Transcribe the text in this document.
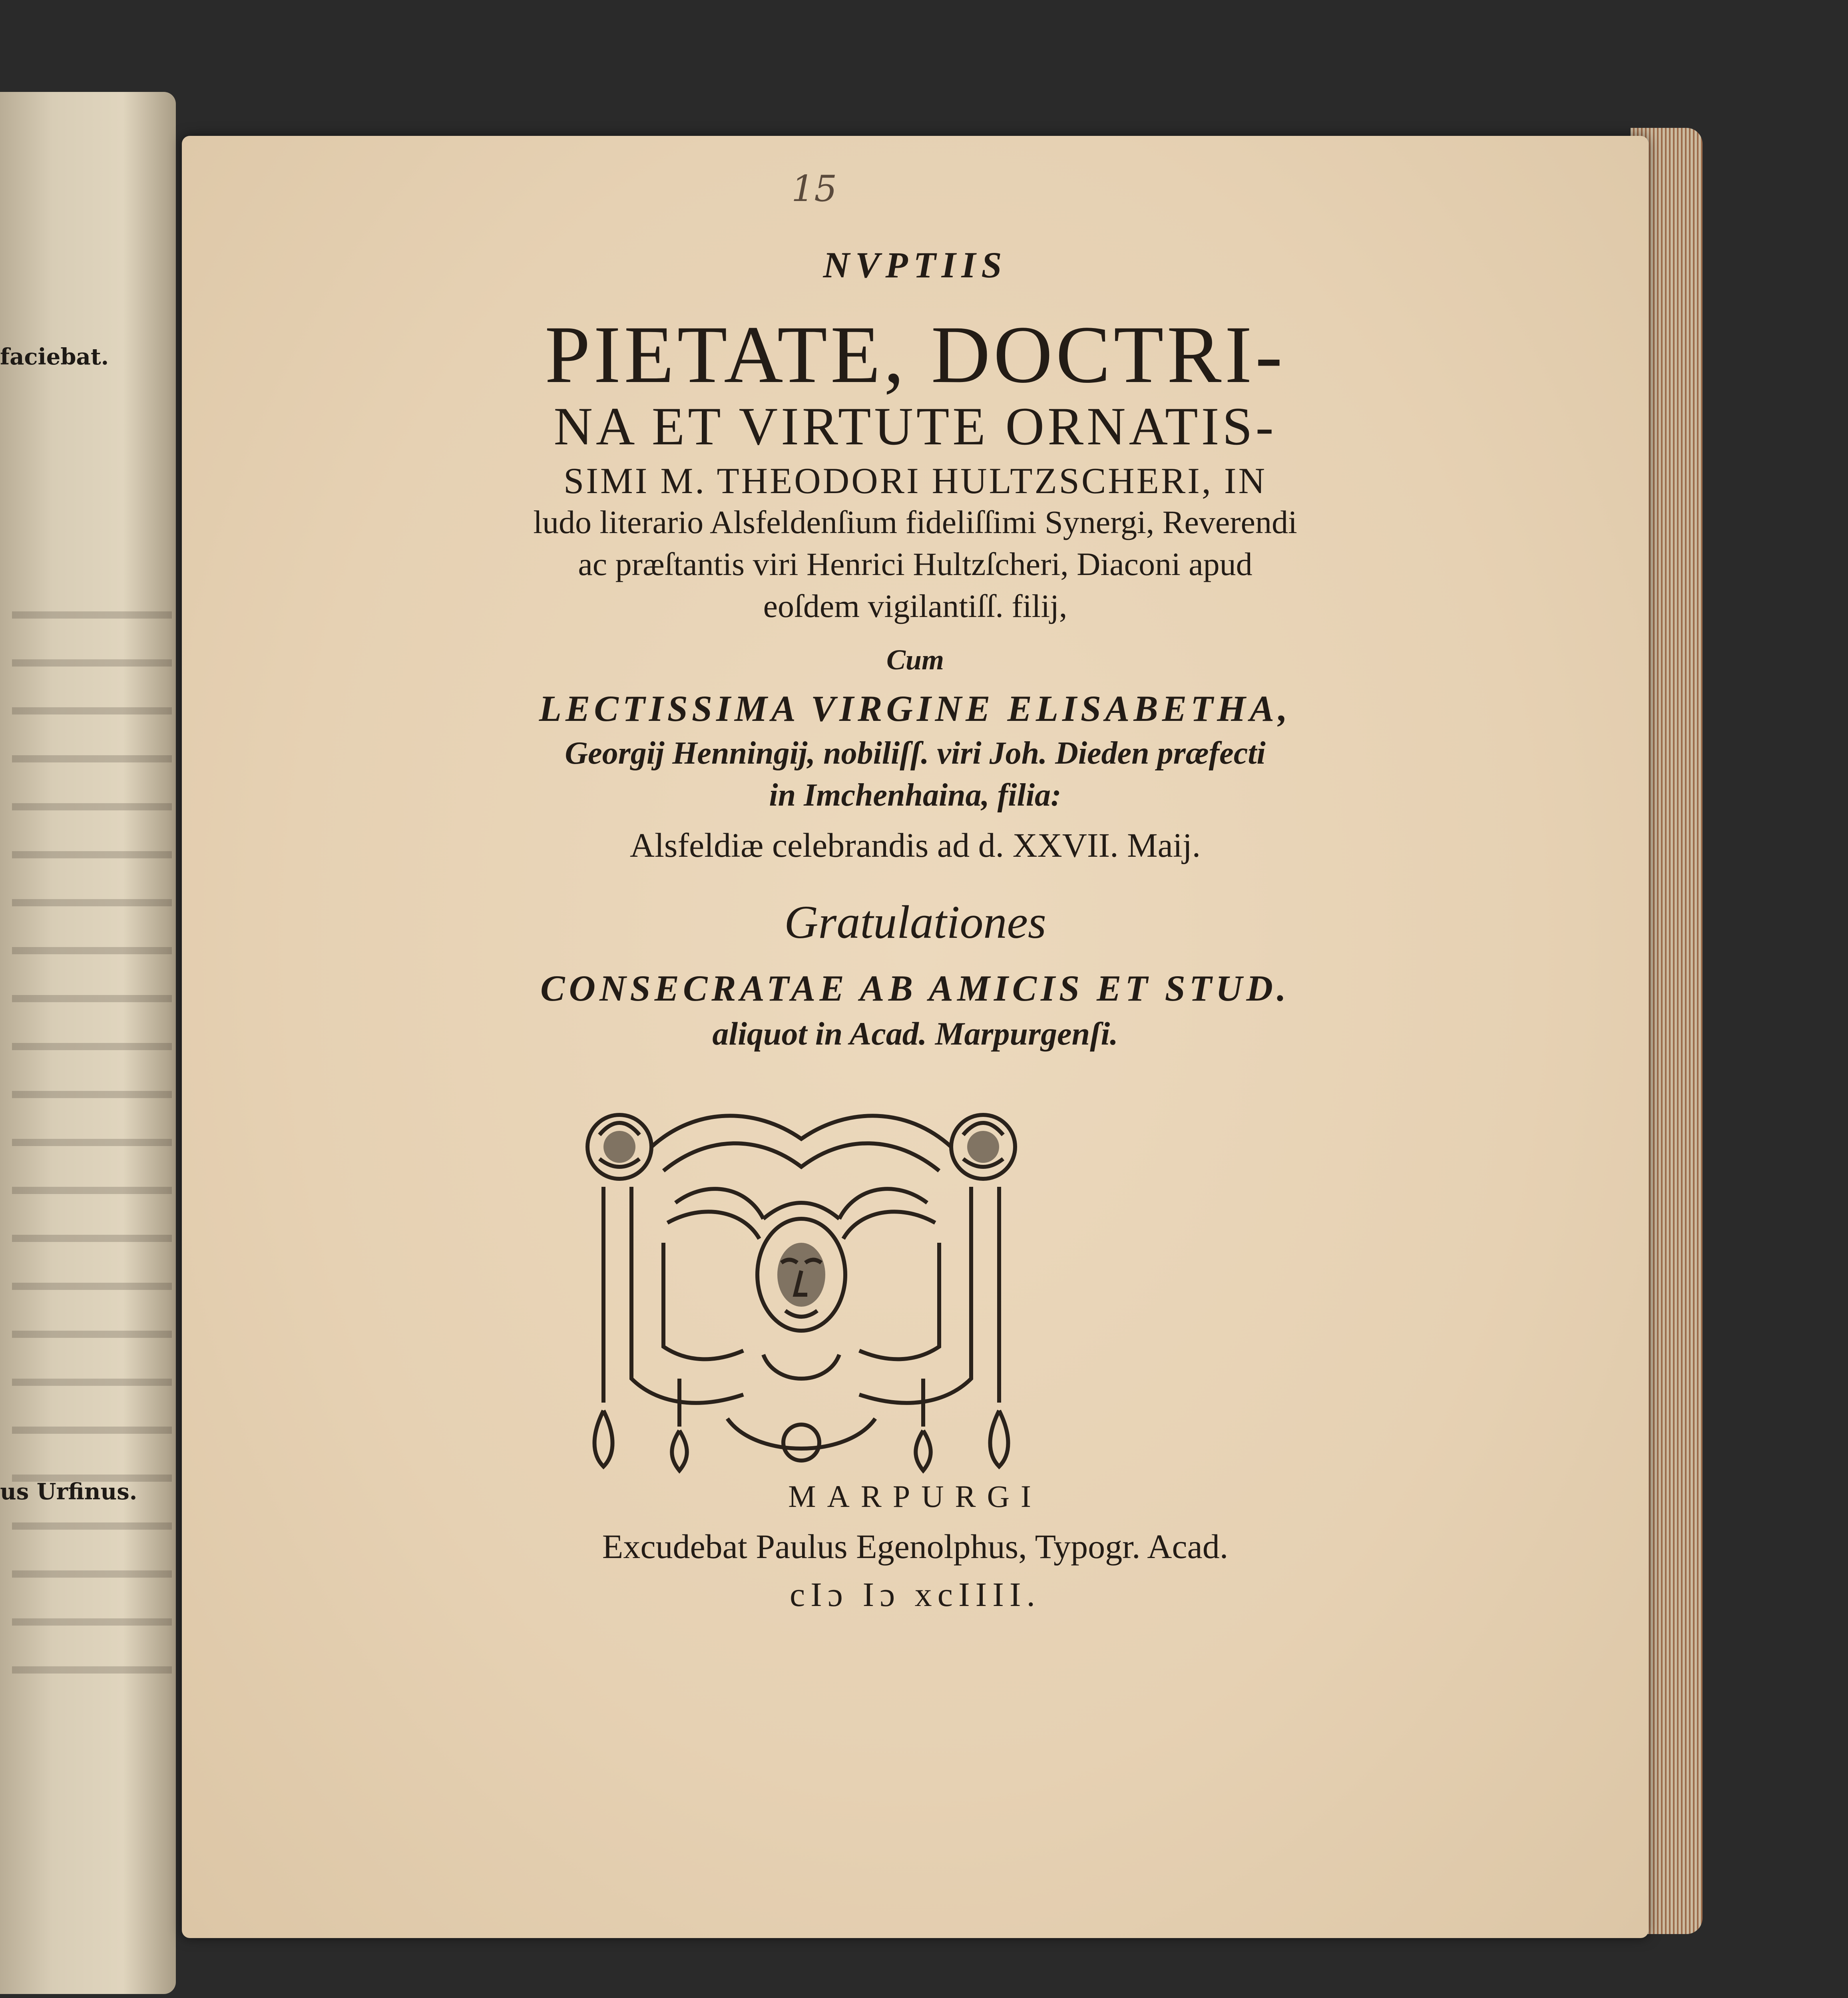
faciebat.
us Urfinus.
15
NVPTIIS
PIETATE, DOCTRI-
NA ET VIRTUTE ORNATIS-
SIMI M. THEODORI HULTZSCHERI, IN
ludo literario Alsfeldenſium fideliſſimi Synergi, Reverendi
ac præſtantis viri Henrici Hultzſcheri, Diaconi apud
eoſdem vigilantiſſ. filij,
Cum
LECTISSIMA VIRGINE ELISABETHA,
Georgij Henningij, nobiliſſ. viri Joh. Dieden præfecti
in Imchenhaina, filia:
Alsfeldiæ celebrandis ad d. XXVII. Maij.
Gratulationes
CONSECRATAE AB AMICIS ET STUD.
aliquot in Acad. Marpurgenſi.
MARPURGI
Excudebat Paulus Egenolphus, Typogr. Acad.
cIɔ Iɔ xcIIII.
